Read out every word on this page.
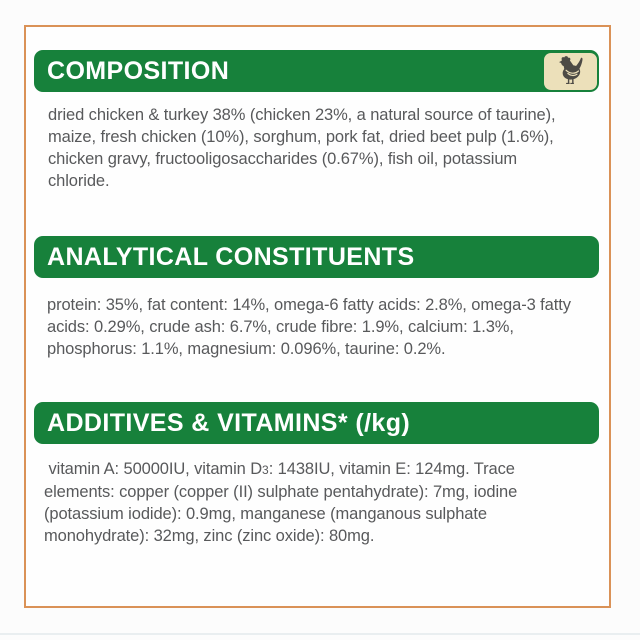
COMPOSITION
dried chicken & turkey 38% (chicken 23%, a natural source of taurine),
maize, fresh chicken (10%), sorghum, pork fat, dried beet pulp (1.6%),
chicken gravy, fructooligosaccharides (0.67%), fish oil, potassium
chloride.
ANALYTICAL CONSTITUENTS
protein: 35%, fat content: 14%, omega-6 fatty acids: 2.8%, omega-3 fatty
acids: 0.29%, crude ash: 6.7%, crude fibre: 1.9%, calcium: 1.3%,
phosphorus: 1.1%, magnesium: 0.096%, taurine: 0.2%.
ADDITIVES & VITAMINS* (/kg)
vitamin A: 50000IU, vitamin D3: 1438IU, vitamin E: 124mg. Trace
elements: copper (copper (II) sulphate pentahydrate): 7mg, iodine
(potassium iodide): 0.9mg, manganese (manganous sulphate
monohydrate): 32mg, zinc (zinc oxide): 80mg.
